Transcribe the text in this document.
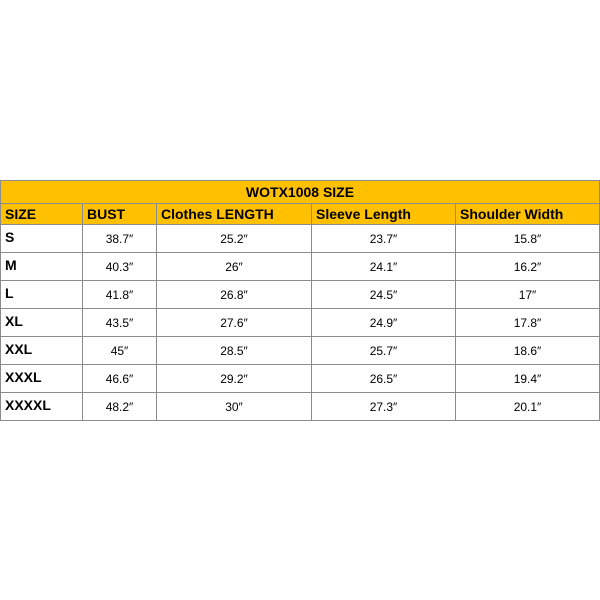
WOTX1008 SIZE				
SIZE	BUST	Clothes LENGTH	Sleeve Length	Shoulder Width
S	38.7″	25.2″	23.7″	15.8″
M	40.3″	26″	24.1″	16.2″
L	41.8″	26.8″	24.5″	17″
XL	43.5″	27.6″	24.9″	17.8″
XXL	45″	28.5″	25.7″	18.6″
XXXL	46.6″	29.2″	26.5″	19.4″
XXXXL	48.2″	30″	27.3″	20.1″
